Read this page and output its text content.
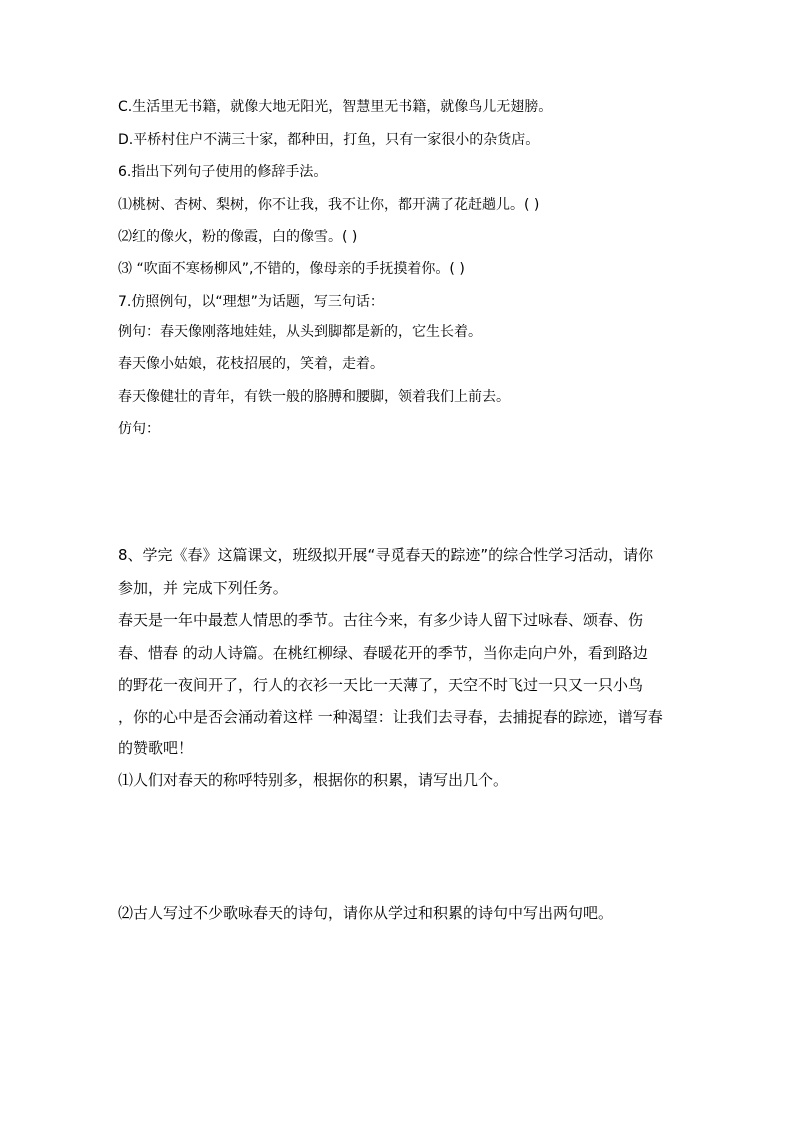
C.生活里无书籍，就像大地无阳光，智慧里无书籍，就像鸟儿无翅膀。
D.平桥村住户不满三十家，都种田，打鱼，只有一家很小的杂货店。
6.指出下列句子使用的修辞手法。
⑴桃树、杏树、梨树，你不让我，我不让你，都开满了花赶趟儿。( )
⑵红的像火，粉的像霞，白的像雪。( )
⑶ “吹面不寒杨柳风”,不错的，像母亲的手抚摸着你。( )
7.仿照例句，以“理想”为话题，写三句话：
例句：春天像刚落地娃娃，从头到脚都是新的，它生长着。
春天像小姑娘，花枝招展的，笑着，走着。
春天像健壮的青年，有铁一般的胳膊和腰脚，领着我们上前去。
仿句：
8、学完《春》这篇课文，班级拟开展“寻觅春天的踪迹”的综合性学习活动，请你
参加，并 完成下列任务。
春天是一年中最惹人情思的季节。古往今来，有多少诗人留下过咏春、颂春、伤
春、惜春 的动人诗篇。在桃红柳绿、春暖花开的季节，当你走向户外，看到路边
的野花一夜间开了，行人的衣衫一天比一天薄了，天空不时飞过一只又一只小鸟
，你的心中是否会涌动着这样 一种渴望：让我们去寻春，去捕捉春的踪迹，谱写春
的赞歌吧！
⑴人们对春天的称呼特别多，根据你的积累，请写出几个。
⑵古人写过不少歌咏春天的诗句，请你从学过和积累的诗句中写出两句吧。
